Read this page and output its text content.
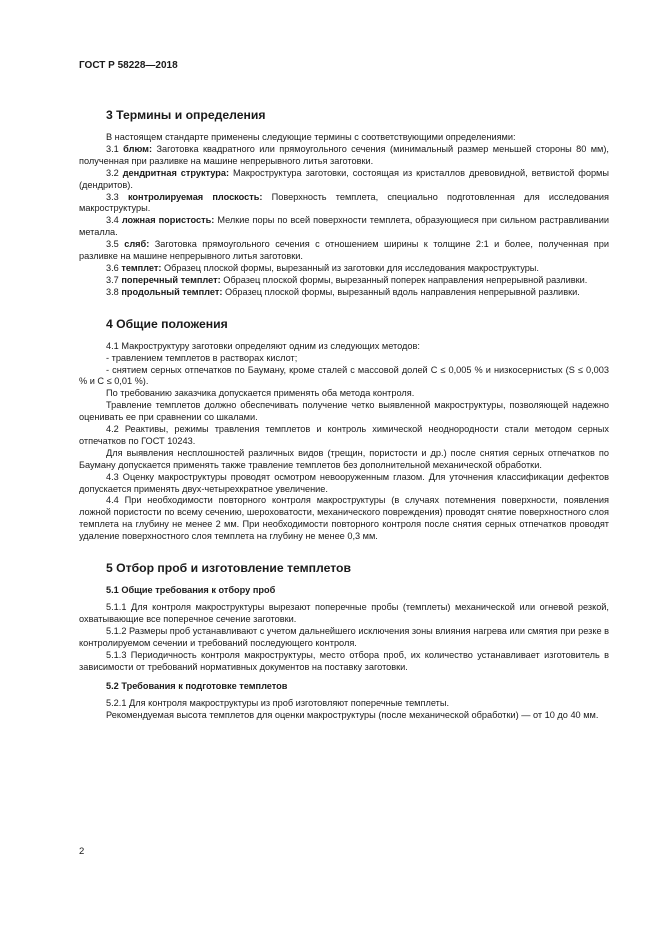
ГОСТ Р 58228—2018
3 Термины и определения

В настоящем стандарте применены следующие термины с соответствующими определениями:

3.1 блюм: Заготовка квадратного или прямоугольного сечения (минимальный размер меньшей стороны 80 мм), полученная при разливке на машине непрерывного литья заготовки.

3.2 дендритная структура: Макроструктура заготовки, состоящая из кристаллов древовидной, ветвистой формы (дендритов).

3.3 контролируемая плоскость: Поверхность темплета, специально подготовленная для исследования макроструктуры.

3.4 ложная пористость: Мелкие поры по всей поверхности темплета, образующиеся при сильном растравливании металла.

3.5 сляб: Заготовка прямоугольного сечения с отношением ширины к толщине 2:1 и более, полученная при разливке на машине непрерывного литья заготовки.

3.6 темплет: Образец плоской формы, вырезанный из заготовки для исследования макроструктуры.

3.7 поперечный темплет: Образец плоской формы, вырезанный поперек направления непрерывной разливки.

3.8 продольный темплет: Образец плоской формы, вырезанный вдоль направления непрерывной разливки.

4 Общие положения

4.1 Макроструктуру заготовки определяют одним из следующих методов:

- травлением темплетов в растворах кислот;

- снятием серных отпечатков по Бауману, кроме сталей с массовой долей C ≤ 0,005 % и низкосернистых (S ≤ 0,003 % и C ≤ 0,01 %).

По требованию заказчика допускается применять оба метода контроля.

Травление темплетов должно обеспечивать получение четко выявленной макроструктуры, позволяющей надежно оценивать ее при сравнении со шкалами.

4.2 Реактивы, режимы травления темплетов и контроль химической неоднородности стали методом серных отпечатков по ГОСТ 10243.

Для выявления несплошностей различных видов (трещин, пористости и др.) после снятия серных отпечатков по Бауману допускается применять также травление темплетов без дополнительной механической обработки.

4.3 Оценку макроструктуры проводят осмотром невооруженным глазом. Для уточнения классификации дефектов допускается применять двух-четырехкратное увеличение.

4.4 При необходимости повторного контроля макроструктуры (в случаях потемнения поверхности, появления ложной пористости по всему сечению, шероховатости, механического повреждения) проводят снятие поверхностного слоя темплета на глубину не менее 2 мм. При необходимости повторного контроля после снятия серных отпечатков проводят удаление поверхностного слоя темплета на глубину не менее 0,3 мм.

5 Отбор проб и изготовление темплетов
5.1 Общие требования к отбору проб

5.1.1 Для контроля макроструктуры вырезают поперечные пробы (темплеты) механической или огневой резкой, охватывающие все поперечное сечение заготовки.

5.1.2 Размеры проб устанавливают с учетом дальнейшего исключения зоны влияния нагрева или смятия при резке в контролируемом сечении и требований последующего контроля.

5.1.3 Периодичность контроля макроструктуры, место отбора проб, их количество устанавливает изготовитель в зависимости от требований нормативных документов на поставку заготовки.

5.2 Требования к подготовке темплетов

5.2.1 Для контроля макроструктуры из проб изготовляют поперечные темплеты.

Рекомендуемая высота темплетов для оценки макроструктуры (после механической обработки) — от 10 до 40 мм.

2
